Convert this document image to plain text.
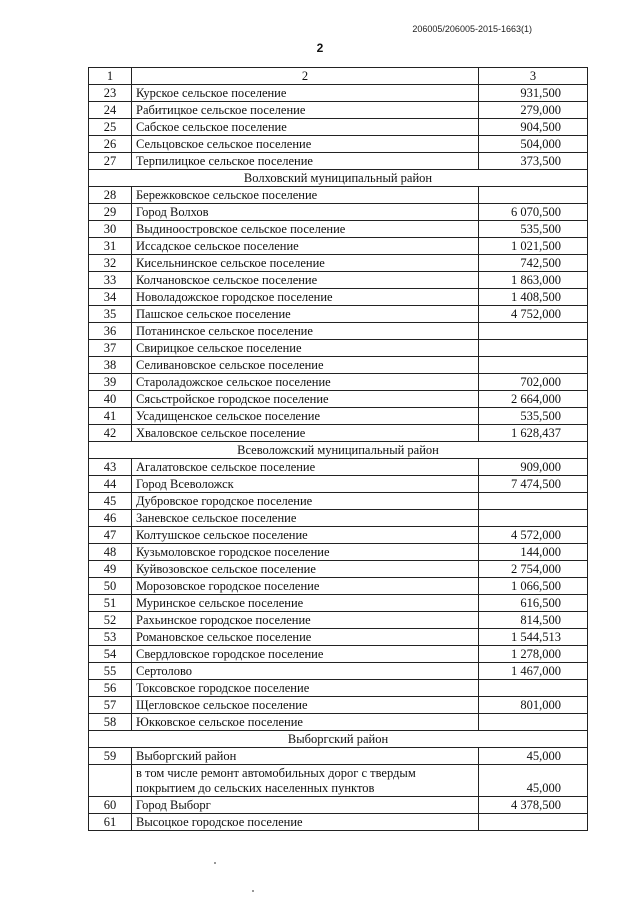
206005/206005-2015-1663(1)
2
1	2	3
23	Курское сельское поселение	931,500
24	Рабитицкое сельское поселение	279,000
25	Сабское сельское поселение	904,500
26	Сельцовское сельское поселение	504,000
27	Терпилицкое сельское поселение	373,500
Волховский муниципальный район		
28	Бережковское сельское поселение	
29	Город Волхов	6 070,500
30	Выдиноостровское сельское поселение	535,500
31	Иссадское сельское поселение	1 021,500
32	Кисельнинское сельское поселение	742,500
33	Колчановское сельское поселение	1 863,000
34	Новоладожское городское поселение	1 408,500
35	Пашское сельское поселение	4 752,000
36	Потанинское сельское поселение	
37	Свирицкое сельское поселение	
38	Селивановское сельское поселение	
39	Староладожское сельское поселение	702,000
40	Сясьстройское городское поселение	2 664,000
41	Усадищенское сельское поселение	535,500
42	Хваловское сельское поселение	1 628,437
Всеволожский муниципальный район		
43	Агалатовское сельское поселение	909,000
44	Город Всеволожск	7 474,500
45	Дубровское городское поселение	
46	Заневское сельское поселение	
47	Колтушское сельское поселение	4 572,000
48	Кузьмоловское городское поселение	144,000
49	Куйвозовское сельское поселение	2 754,000
50	Морозовское городское поселение	1 066,500
51	Муринское сельское поселение	616,500
52	Рахьинское городское поселение	814,500
53	Романовское сельское поселение	1 544,513
54	Свердловское городское поселение	1 278,000
55	Сертолово	1 467,000
56	Токсовское городское поселение	
57	Щегловское сельское поселение	801,000
58	Юкковское сельское поселение	
Выборгский район		
59	Выборгский район	45,000
	в том числе ремонт автомобильных дорог с твердым покрытием до сельских населенных пунктов	45,000
60	Город Выборг	4 378,500
61	Высоцкое городское поселение	
